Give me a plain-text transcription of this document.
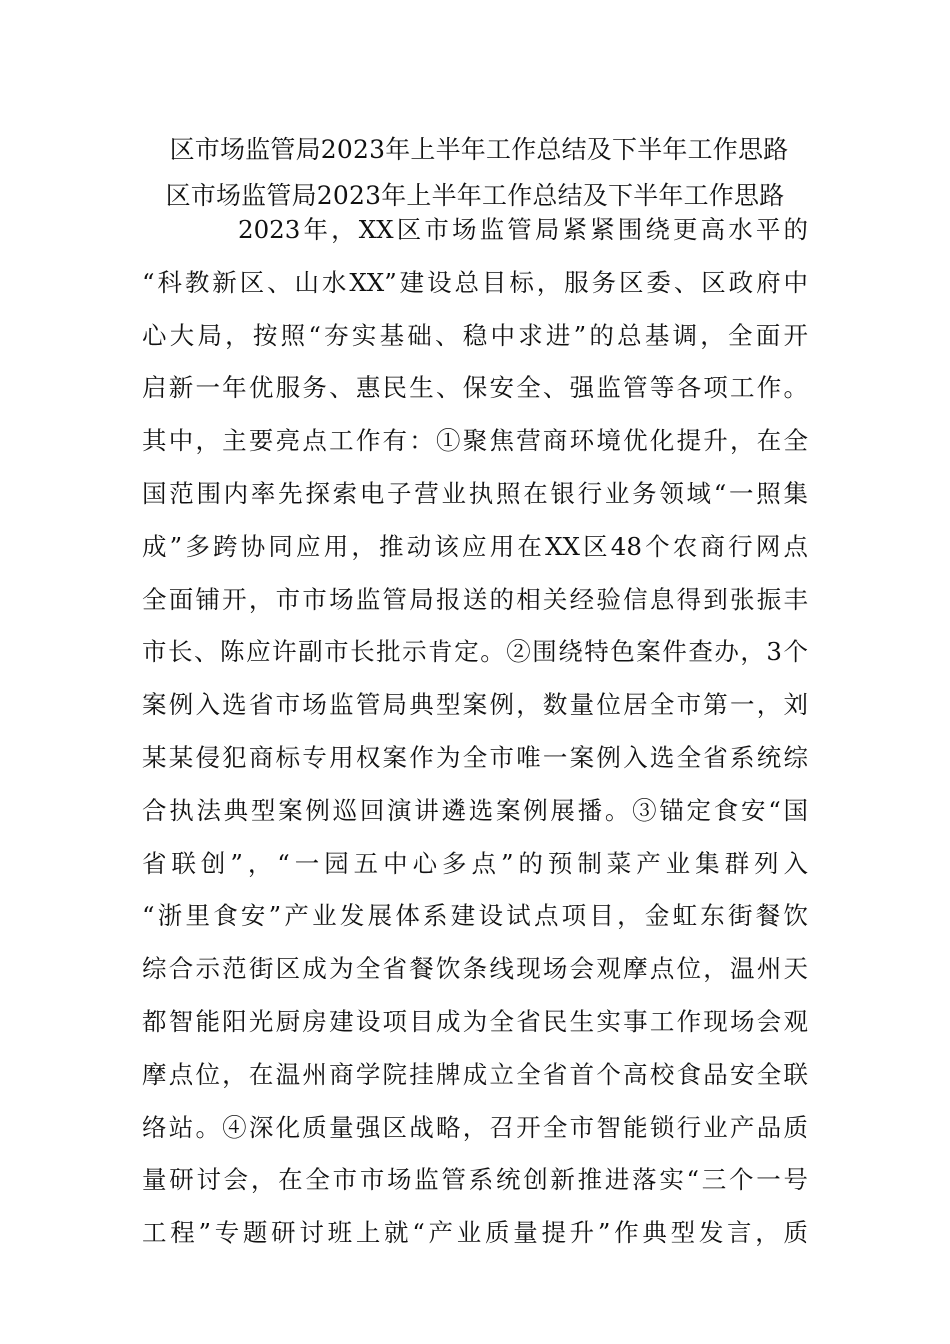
区市场监管局2023年上半年工作总结及下半年工作思路
区市场监管局2023年上半年工作总结及下半年工作思路
2023年，XX区市场监管局紧紧围绕更高水平的
“科教新区、山水XX”建设总目标，服务区委、区政府中
心大局，按照“夯实基础、稳中求进”的总基调，全面开
启新一年优服务、惠民生、保安全、强监管等各项工作。
其中，主要亮点工作有：①聚焦营商环境优化提升，在全
国范围内率先探索电子营业执照在银行业务领域“一照集
成”多跨协同应用，推动该应用在XX区48个农商行网点
全面铺开，市市场监管局报送的相关经验信息得到张振丰
市长、陈应许副市长批示肯定。②围绕特色案件查办，3个
案例入选省市场监管局典型案例，数量位居全市第一，刘
某某侵犯商标专用权案作为全市唯一案例入选全省系统综
合执法典型案例巡回演讲遴选案例展播。③锚定食安“国
省联创”，“一园五中心多点”的预制菜产业集群列入
“浙里食安”产业发展体系建设试点项目，金虹东街餐饮
综合示范街区成为全省餐饮条线现场会观摩点位，温州天
都智能阳光厨房建设项目成为全省民生实事工作现场会观
摩点位，在温州商学院挂牌成立全省首个高校食品安全联
络站。④深化质量强区战略，召开全市智能锁行业产品质
量研讨会，在全市市场监管系统创新推进落实“三个一号
工程”专题研讨班上就“产业质量提升”作典型发言，质
